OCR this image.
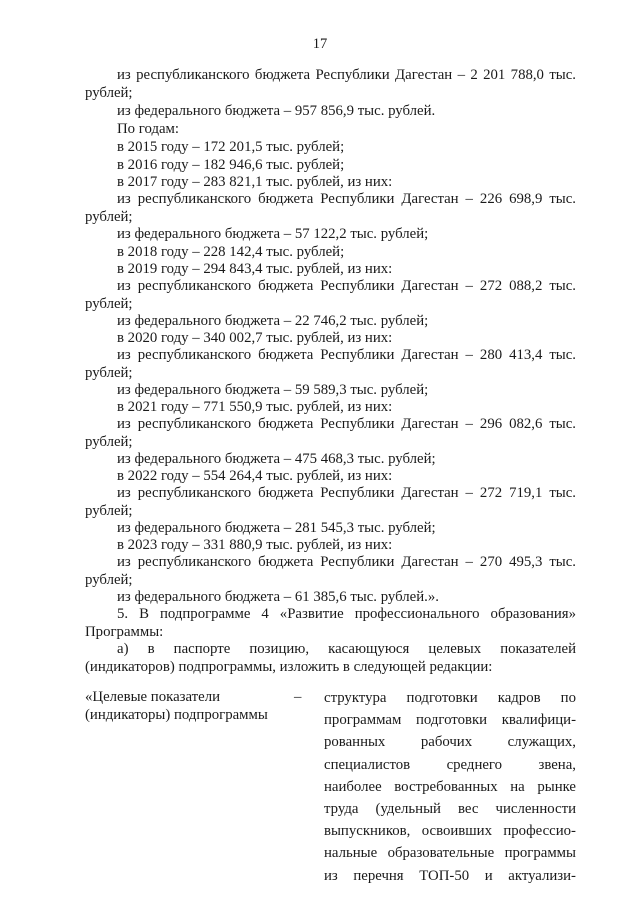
17
из республиканского бюджета Республики Дагестан – 2 201 788,0 тыс.
рублей;
из федерального бюджета – 957 856,9 тыс. рублей.
По годам:
в 2015 году – 172 201,5 тыс. рублей;
в 2016 году – 182 946,6 тыс. рублей;
в 2017 году – 283 821,1 тыс. рублей, из них:
из республиканского бюджета Республики Дагестан – 226 698,9 тыс.
рублей;
из федерального бюджета – 57 122,2 тыс. рублей;
в 2018 году – 228 142,4 тыс. рублей;
в 2019 году – 294 843,4 тыс. рублей, из них:
из республиканского бюджета Республики Дагестан – 272 088,2 тыс.
рублей;
из федерального бюджета – 22 746,2 тыс. рублей;
в 2020 году – 340 002,7 тыс. рублей, из них:
из республиканского бюджета Республики Дагестан – 280 413,4 тыс.
рублей;
из федерального бюджета – 59 589,3 тыс. рублей;
в 2021 году – 771 550,9 тыс. рублей, из них:
из республиканского бюджета Республики Дагестан – 296 082,6 тыс.
рублей;
из федерального бюджета – 475 468,3 тыс. рублей;
в 2022 году – 554 264,4 тыс. рублей, из них:
из республиканского бюджета Республики Дагестан – 272 719,1 тыс.
рублей;
из федерального бюджета – 281 545,3 тыс. рублей;
в 2023 году – 331 880,9 тыс. рублей, из них:
из республиканского бюджета Республики Дагестан – 270 495,3 тыс.
рублей;
из федерального бюджета – 61 385,6 тыс. рублей.».
5. В подпрограмме 4 «Развитие профессионального образования»
Программы:
а) в паспорте позицию, касающуюся целевых показателей
(индикаторов) подпрограммы, изложить в следующей редакции:
«Целевые показатели
(индикаторы) подпрограммы
– структура подготовки кадров по
программам подготовки квалифици-
рованных рабочих служащих,
специалистов среднего звена,
наиболее востребованных на рынке
труда (удельный вес численности
выпускников, освоивших профессио-
нальные образовательные программы
из перечня ТОП-50 и актуализи-
